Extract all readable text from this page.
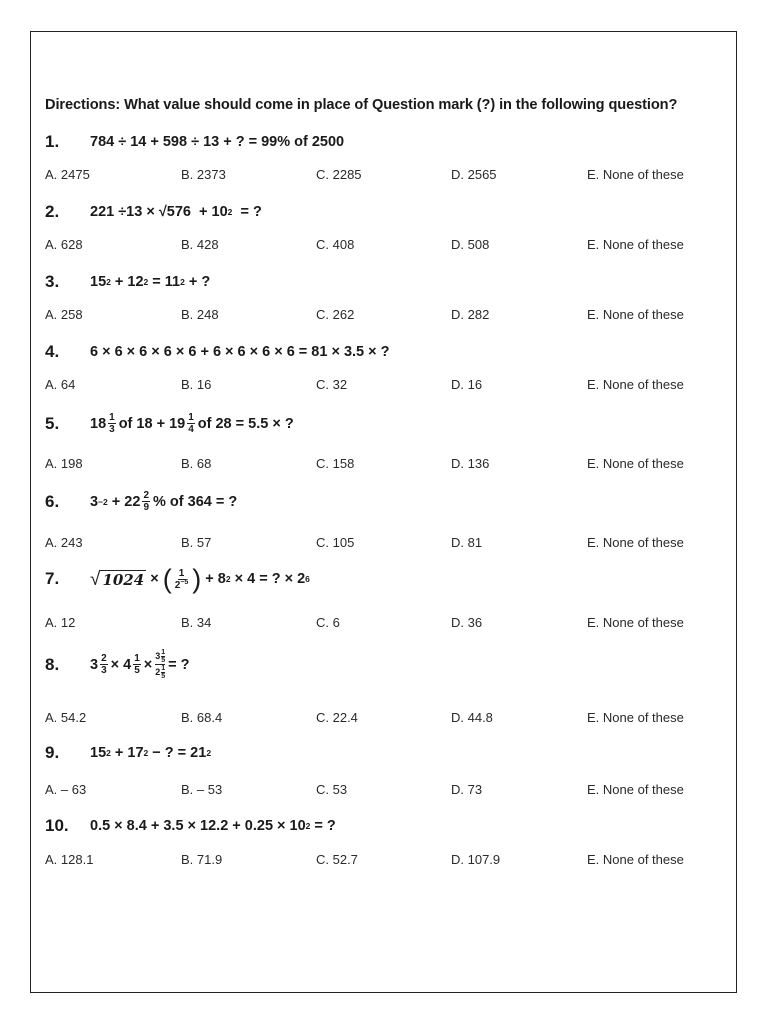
Directions: What value should come in place of Question mark (?) in the following question?
1.	784 ÷ 14 + 598 ÷ 13 + ? = 99% of 2500
A. 2475	B. 2373	C. 2285	D. 2565	E. None of these
2.	221 ÷13 × √576  + 10 2 = ?
A. 628	B. 428	C. 408	D. 508	E. None of these
3.	15 2 + 12 2 = 11 2 + ?
A. 258	B. 248	C. 262	D. 282	E. None of these
4.	6 × 6 × 6 × 6 × 6 + 6 × 6 × 6 × 6 = 81 × 3.5 × ?
A. 64	B. 16	C. 32	D. 16	E. None of these
5.	$18 \frac{1}{3}$ of $18 + 19 \frac{1}{4}$ of 28 = 5.5 × ?
A. 198	B. 68	C. 158	D. 136	E. None of these
6.	$3 -2 + 22 \frac{2}{9}$ % of 364 = ?
A. 243	B. 57	C. 105	D. 81	E. None of these
7.	√ 1024 × ( $\frac{1}{2^{-5}}$ ) + 8 2 × 4 = ? × 2 6
A. 12	B. 34	C. 6	D. 36	E. None of these
8.	$3 \frac{2}{3} \times 4 \frac{1}{5} \times \frac{3 \frac{1}{5}}{2 \frac{1}{5}}$ = ?
A. 54.2	B. 68.4	C. 22.4	D. 44.8	E. None of these
9.	15 2 + 17 2 − ? = 21 2
A. – 63	B. – 53	C. 53	D. 73	E. None of these
10.	0.5 × 8.4 + 3.5 × 12.2 + 0.25 × 10 2 = ?
A. 128.1	B. 71.9	C. 52.7	D. 107.9	E. None of these
